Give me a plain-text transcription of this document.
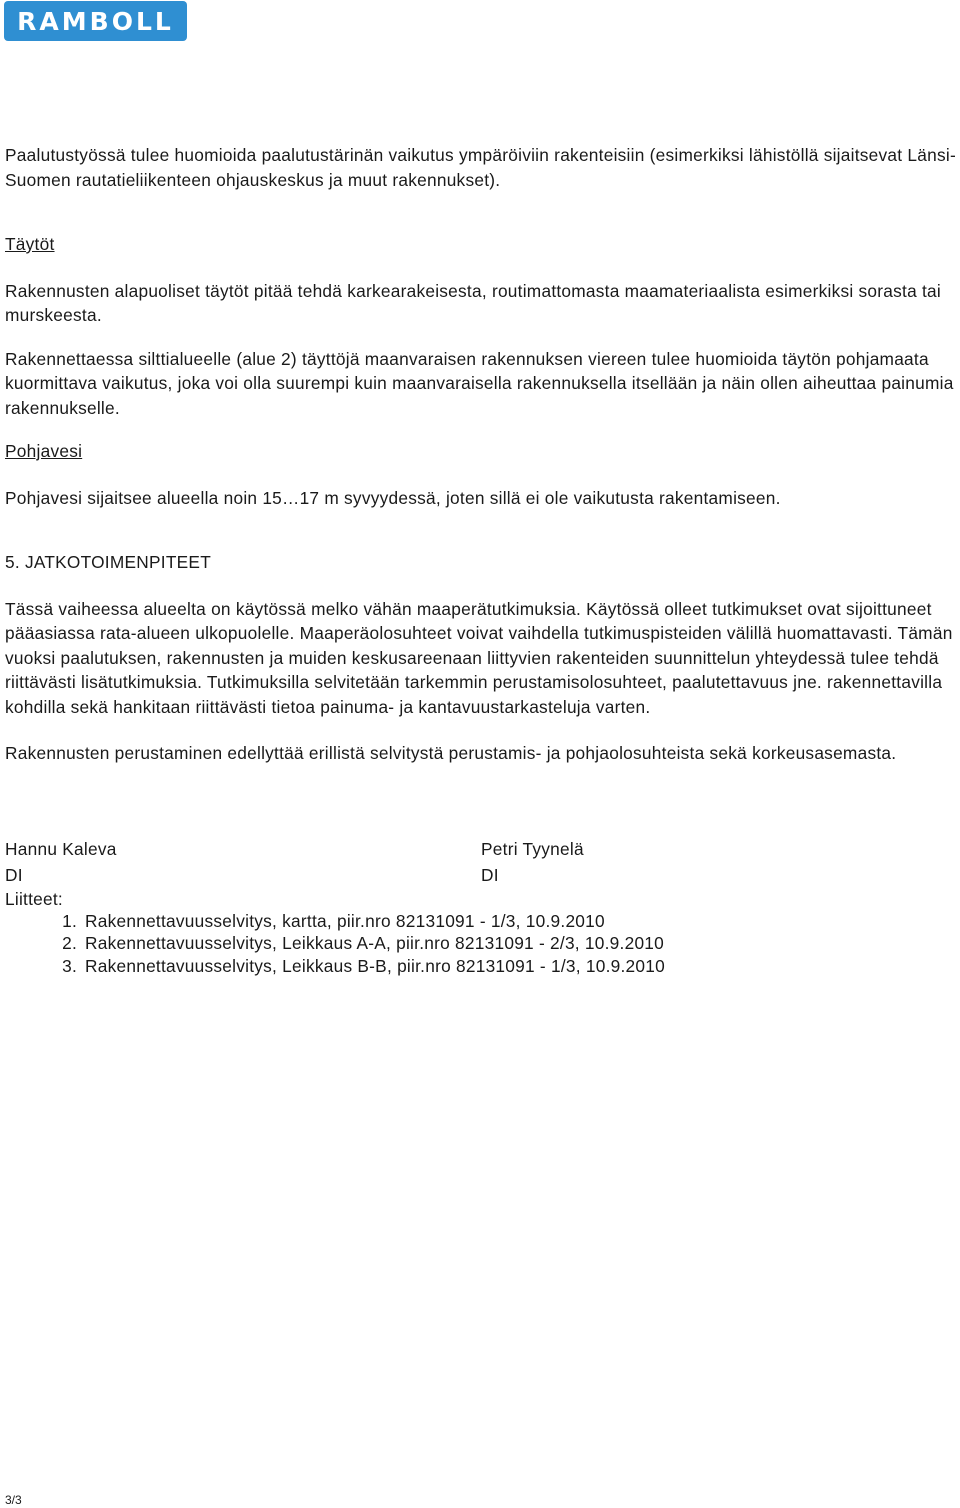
RAMBOLL

Paalutustyössä tulee huomioida paalutustärinän vaikutus ympäröiviin rakenteisiin (esimerkiksi lähistöllä sijaitsevat Länsi-Suomen rautatieliikenteen ohjauskeskus ja muut rakennukset).

Täytöt

Rakennusten alapuoliset täytöt pitää tehdä karkearakeisesta, routimattomasta maamateriaalista esimerkiksi sorasta tai murskeesta.

Rakennettaessa silttialueelle (alue 2) täyttöjä maanvaraisen rakennuksen viereen tulee huomioida täytön pohjamaata kuormittava vaikutus, joka voi olla suurempi kuin maanvaraisella rakennuksella itsellään ja näin ollen aiheuttaa painumia rakennukselle.

Pohjavesi

Pohjavesi sijaitsee alueella noin 15…17 m syvyydessä, joten sillä ei ole vaikutusta rakentamiseen.

5. JATKOTOIMENPITEET

Tässä vaiheessa alueelta on käytössä melko vähän maaperätutkimuksia. Käytössä olleet tutkimukset ovat sijoittuneet pääasiassa rata-alueen ulkopuolelle. Maaperäolosuhteet voivat vaihdella tutkimuspisteiden välillä huomattavasti. Tämän vuoksi paalutuksen, rakennusten ja muiden keskusareenaan liittyvien rakenteiden suunnittelun yhteydessä tulee tehdä riittävästi lisätutkimuksia. Tutkimuksilla selvitetään tarkemmin perustamisolosuhteet, paalutettavuus jne. rakennettavilla kohdilla sekä hankitaan riittävästi tietoa painuma- ja kantavuustarkasteluja varten.

Rakennusten perustaminen edellyttää erillistä selvitystä perustamis- ja pohjaolosuhteista sekä korkeusasemasta.

Hannu Kaleva

DI

Petri Tyynelä

DI

Liitteet:

1. Rakennettavuusselvitys, kartta, piir.nro 82131091 - 1/3, 10.9.2010
2. Rakennettavuusselvitys, Leikkaus A-A, piir.nro 82131091 - 2/3, 10.9.2010
3. Rakennettavuusselvitys, Leikkaus B-B, piir.nro 82131091 - 1/3, 10.9.2010
3/3
